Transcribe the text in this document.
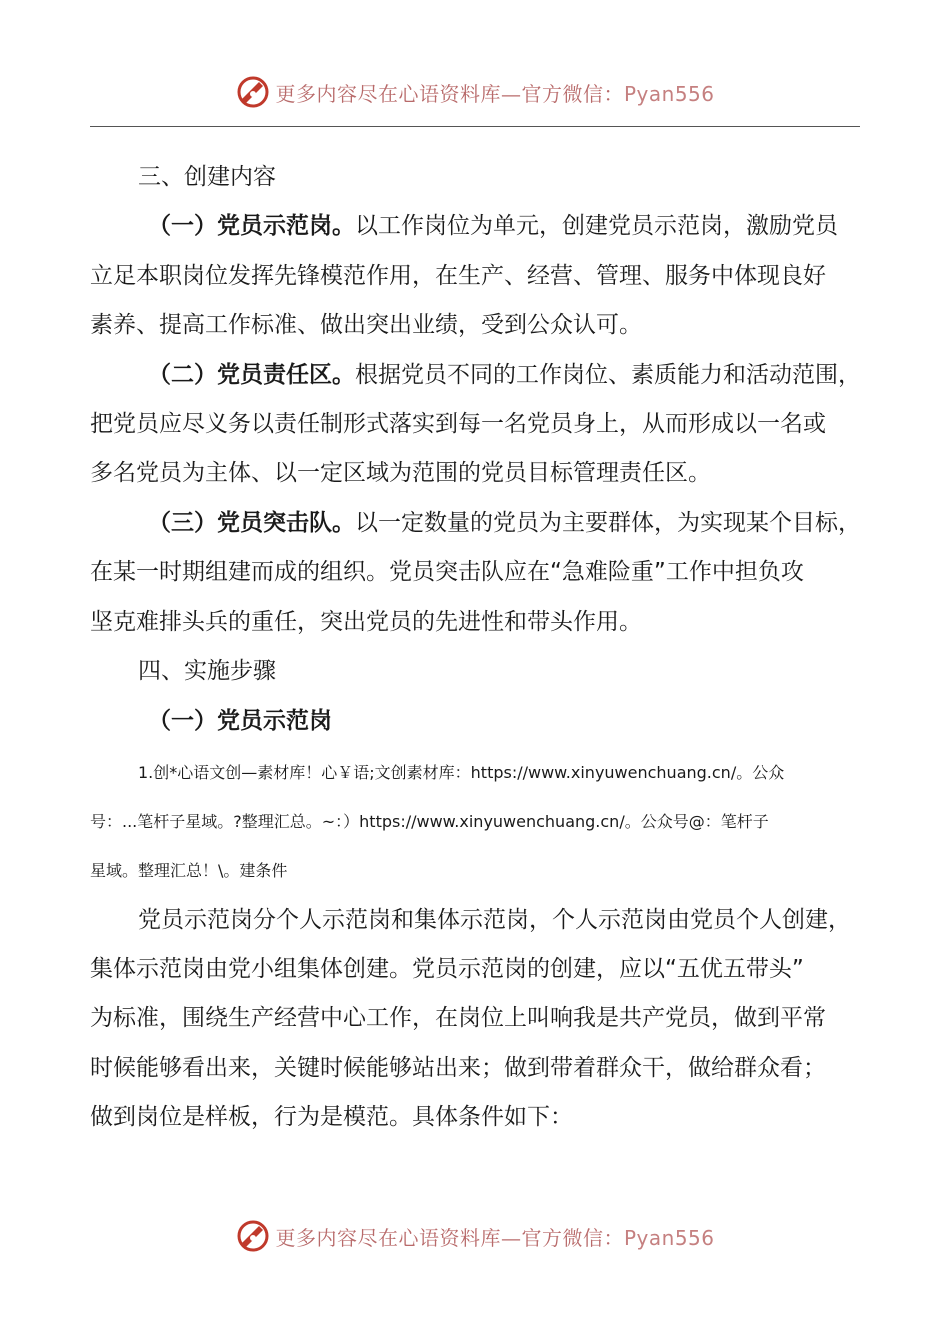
更多内容尽在心语资料库—官方微信：Pyan556
三、创建内容
（一）党员示范岗。以工作岗位为单元，创建党员示范岗，激励党员
立足本职岗位发挥先锋模范作用，在生产、经营、管理、服务中体现良好
素养、提高工作标准、做出突出业绩，受到公众认可。
（二）党员责任区。根据党员不同的工作岗位、素质能力和活动范围，
把党员应尽义务以责任制形式落实到每一名党员身上，从而形成以一名或
多名党员为主体、以一定区域为范围的党员目标管理责任区。
（三）党员突击队。以一定数量的党员为主要群体，为实现某个目标，
在某一时期组建而成的组织。党员突击队应在“急难险重”工作中担负攻
坚克难排头兵的重任，突出党员的先进性和带头作用。
四、实施步骤
（一）党员示范岗
1.创*心语文创—素材库！心￥语;文创素材库：https://www.xinyuwenchuang.cn/。公众
号：...笔杆子星域。?整理汇总。~：）https://www.xinyuwenchuang.cn/。公众号@：笔杆子
星域。整理汇总！\。建条件
党员示范岗分个人示范岗和集体示范岗，个人示范岗由党员个人创建，
集体示范岗由党小组集体创建。党员示范岗的创建，应以“五优五带头”
为标准，围绕生产经营中心工作，在岗位上叫响我是共产党员，做到平常
时候能够看出来，关键时候能够站出来；做到带着群众干，做给群众看；
做到岗位是样板，行为是模范。具体条件如下：
更多内容尽在心语资料库—官方微信：Pyan556
